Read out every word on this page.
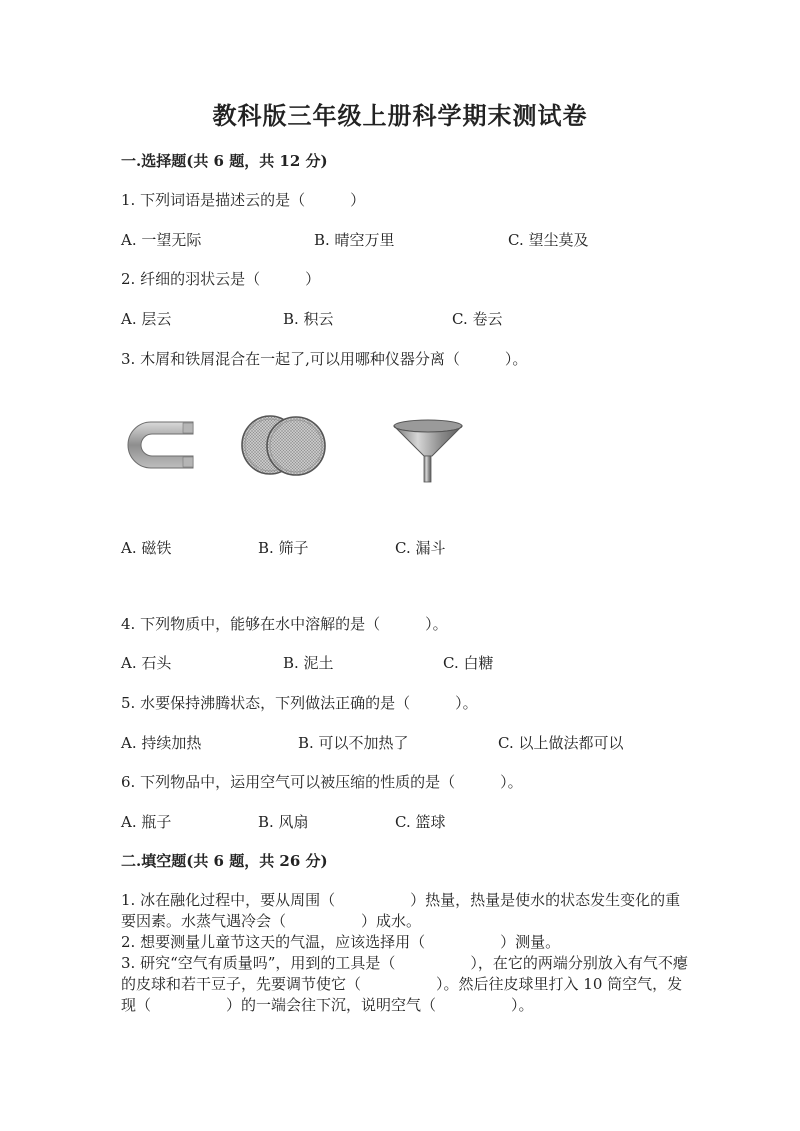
教科版三年级上册科学期末测试卷
一.选择题(共 6 题，共 12 分)
1. 下列词语是描述云的是（　　　）
A. 一望无际	B. 晴空万里	C. 望尘莫及
2. 纤细的羽状云是（　　　）
A. 层云	B. 积云	C. 卷云
3. 木屑和铁屑混合在一起了,可以用哪种仪器分离（　　　）。
A. 磁铁	B. 筛子	C. 漏斗
4. 下列物质中，能够在水中溶解的是（　　　）。
A. 石头	B. 泥土	C. 白糖
5. 水要保持沸腾状态，下列做法正确的是（　　　）。
A. 持续加热	B. 可以不加热了	C. 以上做法都可以
6. 下列物品中，运用空气可以被压缩的性质的是（　　　）。
A. 瓶子	B. 风扇	C. 篮球
二.填空题(共 6 题，共 26 分)
1. 冰在融化过程中，要从周围（　　　　　）热量，热量是使水的状态发生变化的重要因素。水蒸气遇冷会（　　　　　）成水。
2. 想要测量儿童节这天的气温，应该选择用（　　　　　）测量。
3. 研究“空气有质量吗”，用到的工具是（　　　　　），在它的两端分别放入有气不瘪的皮球和若干豆子，先要调节使它（　　　　　）。然后往皮球里打入 10 筒空气，发现（　　　　　）的一端会往下沉，说明空气（　　　　　）。
